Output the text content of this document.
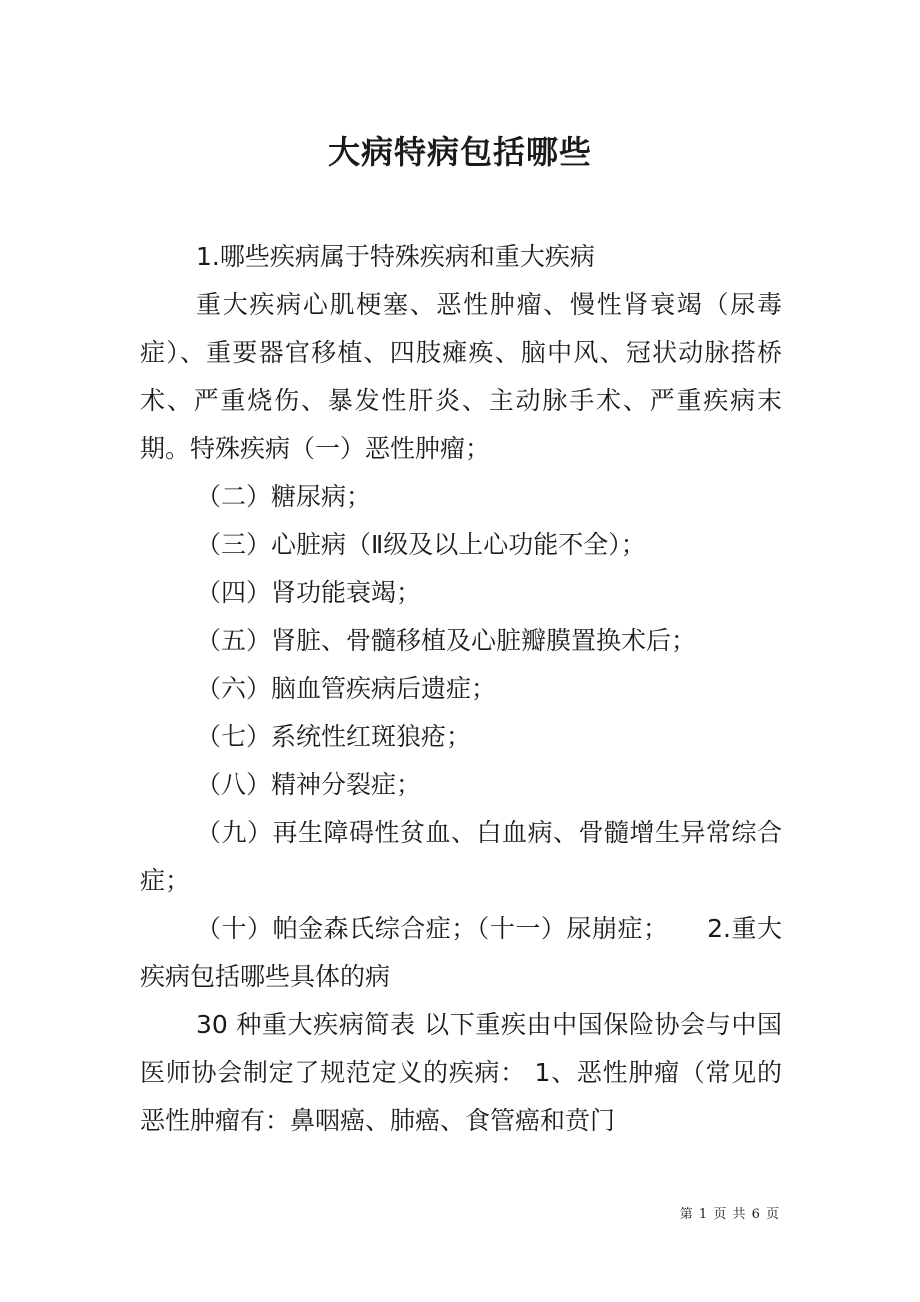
大病特病包括哪些

1.哪些疾病属于特殊疾病和重大疾病

重大疾病心肌梗塞、恶性肿瘤、慢性肾衰竭（尿毒症）、重要器官移植、四肢瘫痪、脑中风、冠状动脉搭桥术、严重烧伤、暴发性肝炎、主动脉手术、严重疾病末期。特殊疾病（一）恶性肿瘤；

（二）糖尿病；

（三）心脏病（Ⅱ级及以上心功能不全）；

（四）肾功能衰竭；

（五）肾脏、骨髓移植及心脏瓣膜置换术后；

（六）脑血管疾病后遗症；

（七）系统性红斑狼疮；

（八）精神分裂症；

（九）再生障碍性贫血、白血病、骨髓增生异常综合症；

（十）帕金森氏综合症；（十一）尿崩症；　　2.重大疾病包括哪些具体的病

30 种重大疾病简表 以下重疾由中国保险协会与中国医师协会制定了规范定义的疾病： 1、恶性肿瘤（常见的恶性肿瘤有：鼻咽癌、肺癌、食管癌和贲门

第 1 页 共 6 页
